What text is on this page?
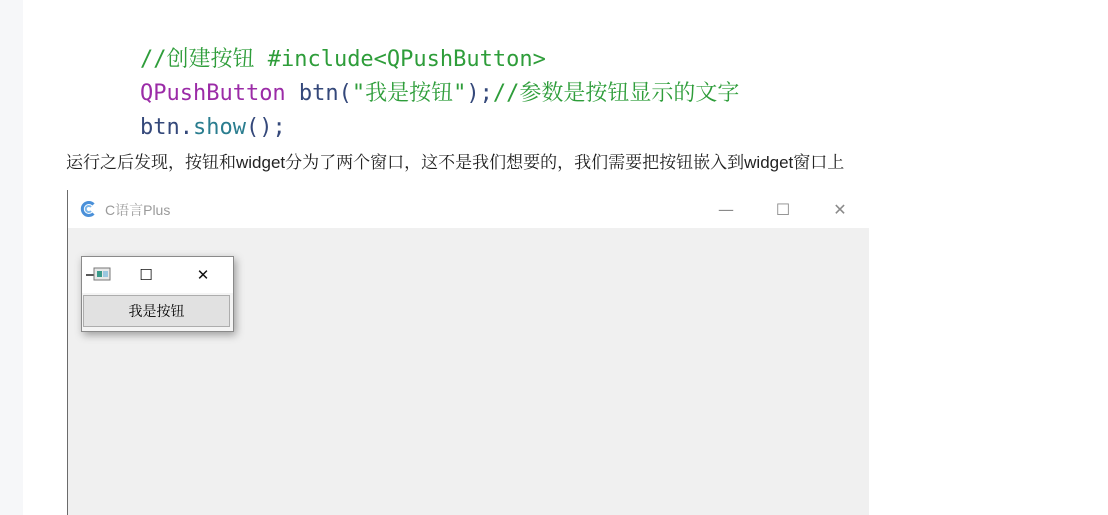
//创建按钮 #include<QPushButton>

QPushButton btn("我是按钮");//参数是按钮显示的文字

btn.show();

运行之后发现，按钮和widget分为了两个窗口，这不是我们想要的，我们需要把按钮嵌入到widget窗口上
C语言Plus	—	☐	✕
☐	✕
我是按钮
